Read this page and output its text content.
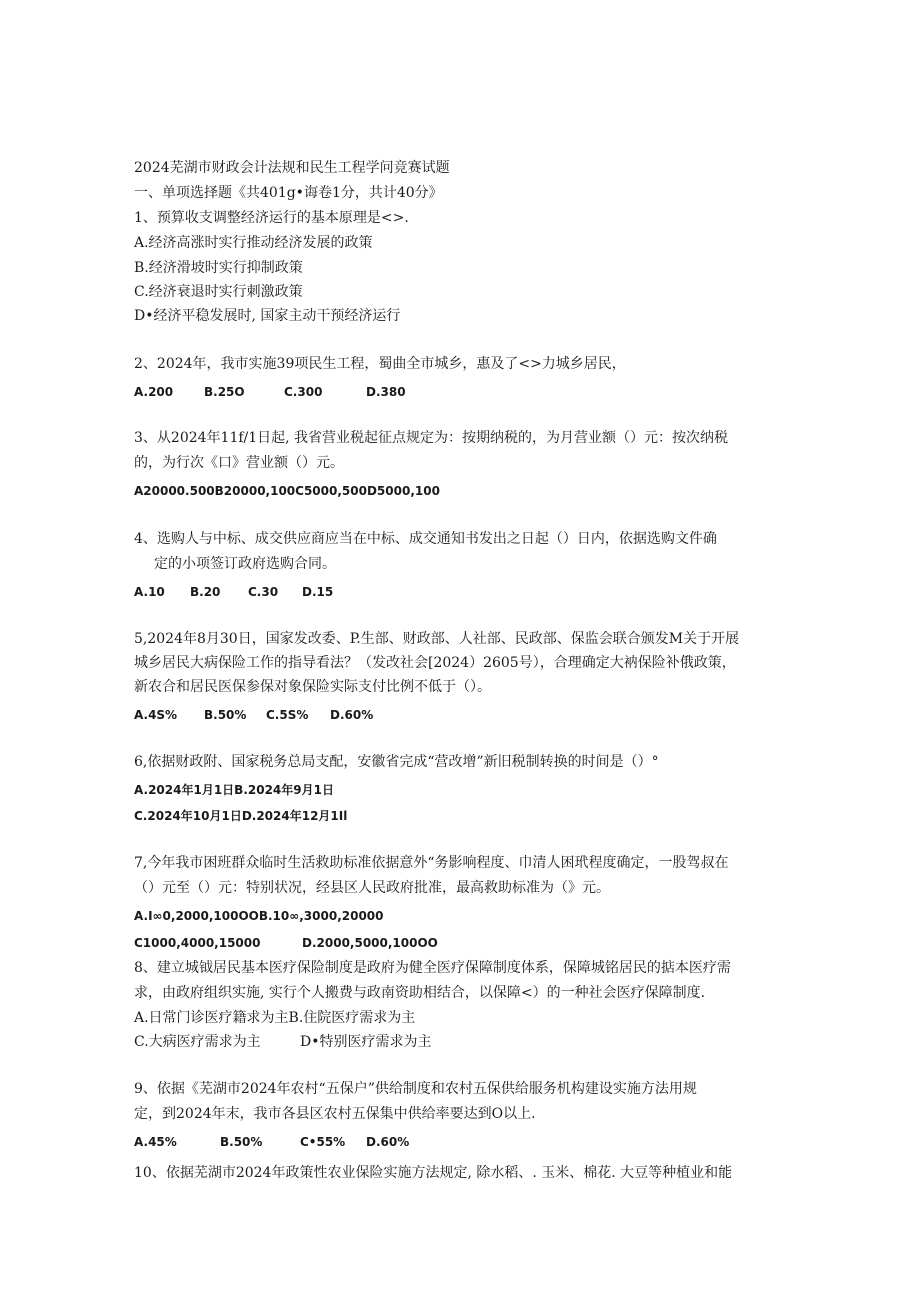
2024芜湖市财政会计法规和民生工程学问竞赛试题
一、单项选择题《共401g•诲卷1分，共计40分》
1、预算收支调整经济运行的基本原理是<>.
A.经济高涨时实行推动经济发展的政策
B.经济滑坡时实行抑制政策
C.经济衰退时实行刺激政策
D•经济平稳发展时, 国家主动干预经济运行
2、2024年，我市实施39项民生工程，蜀曲全市城乡，惠及了<>力城乡居民，
A.200	B.25O	C.300	D.380
3、从2024年11f/1日起, 我省营业税起征点规定为：按期纳税的，为月营业额（）元：按次纳税
的，为行次《口》营业额（）元。
A20000.500B20000,100C5000,500D5000,100
4、选购人与中标、成交供应商应当在中标、成交通知书发出之日起（）日内，依据选购文件确
定的小项签订政府选购合同。
A.10 B.20 C.30 D.15
5,2024年8月30日，国家发改委、P.生部、财政部、人社部、民政部、保监会联合颁发M关于开展
城乡居民大病保险工作的指导看法？（发改社会[2024）2605号），合理确定大衲保险补俄政策，
新农合和居民医保参保对象保险实际支付比例不低于（）。
A.4S% B.50% C.5S% D.60%
6,依据财政附、国家税务总局支配，安徽省完成“营改增”新旧税制转换的时间是（）°
A.2024年1月1日B.2024年9月1日
C.2024年10月1日D.2024年12月1Il
7,今年我市困班群众临时生活救助标准依据意外“务影响程度、巾清人困玳程度确定，一股驾叔在
（）元至（）元：特别状况，经县区人民政府批准，最高救助标准为（》元。
A.I∞0,2000,100OOB.10∞,3000,20000
C1000,4000,15000	D.2000,5000,100OO
8、建立城钺居民基本医疗保险制度是政府为健全医疗保障制度体系，保障城铭居民的掂本医疗需
求，由政府组织实施, 实行个人搬费与政南资助相结合，以保障<）的一种社会医疗保障制度.
A.日常门诊医疗籍求为主B.住院医疗需求为主
C.大病医疗需求为主	D•特别医疗需求为主
9、依据《芜湖市2024年农村“五保户”供给制度和农村五保供给服务机构建设实施方法用规
定，到2024年末，我市各县区农村五保集中供给率要达到O以上.
A.45%	B.50%	C•55% D.60%
10、依据芜湖市2024年政策性农业保险实施方法规定, 除水稻、. 玉米、棉花. 大豆等种植业和能
